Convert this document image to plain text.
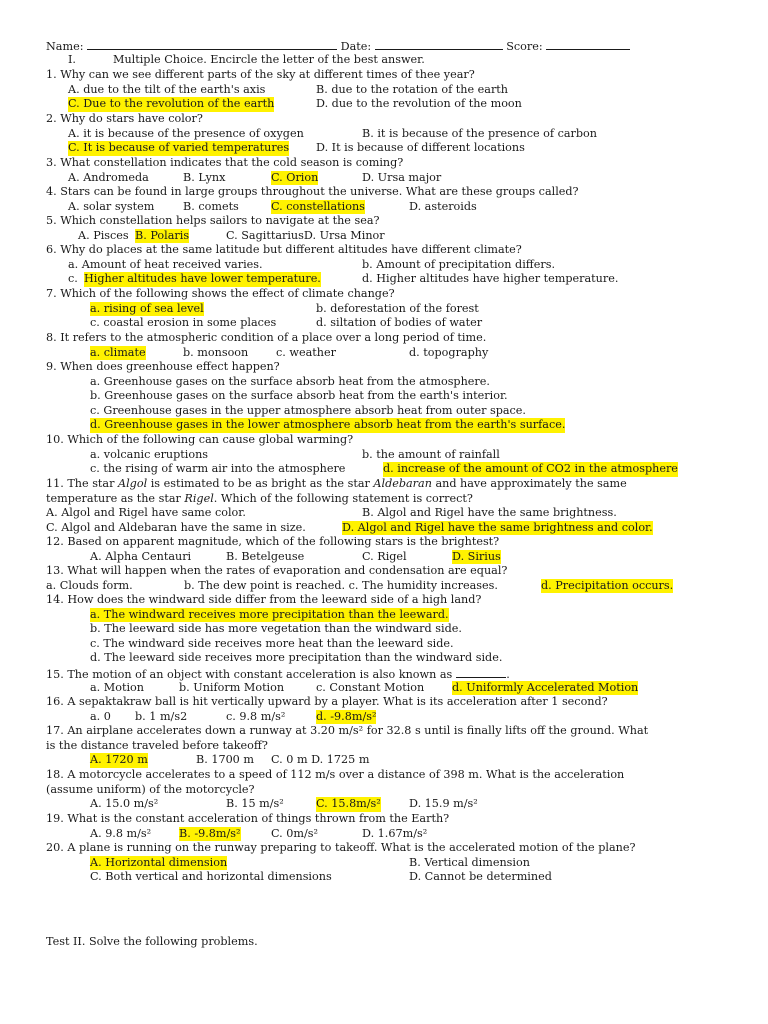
Name:	Date:	Score:
I.	Multiple Choice. Encircle the letter of the best answer.
1. Why can we see different parts of the sky at different times of thee year?
A. due to the tilt of the earth's axis	B. due to the rotation of the earth
C. Due to the revolution of the earth	D. due to the revolution of the moon
2. Why do stars have color?
A. it is because of the presence of oxygen	B. it is because of the presence of carbon
C. It is because of varied temperatures D. It is because of different locations
3. What constellation indicates that the cold season is coming?
A. Andromeda	B. Lynx	C. Orion	D. Ursa major
4. Stars can be found in large groups throughout the universe. What are these groups called?
A. solar system	B. comets	C. constellations	D. asteroids
5. Which constellation helps sailors to navigate at the sea?
A. Pisces B. Polaris	C. SagittariusD. Ursa Minor
6. Why do places at the same latitude but different altitudes have different climate?
a. Amount of heat received varies.	b. Amount of precipitation differs.
c. Higher altitudes have lower temperature.	d. Higher altitudes have higher temperature.
7. Which of the following shows the effect of climate change?
a. rising of sea level	b. deforestation of the forest
c. coastal erosion in some places	d. siltation of bodies of water
8. It refers to the atmospheric condition of a place over a long period of time.
a. climate	b. monsoon c. weather	d. topography
9. When does greenhouse effect happen?
a. Greenhouse gases on the surface absorb heat from the atmosphere.
b. Greenhouse gases on the surface absorb heat from the earth's interior.
c. Greenhouse gases in the upper atmosphere absorb heat from outer space.
d. Greenhouse gases in the lower atmosphere absorb heat from the earth's surface.
10. Which of the following can cause global warming?
a. volcanic eruptions	b. the amount of rainfall
c. the rising of warm air into the atmosphere	d. increase of the amount of CO2 in the atmosphere
11. The star Algol is estimated to be as bright as the star Aldebaran and have approximately the same
temperature as the star Rigel. Which of the following statement is correct?
A. Algol and Rigel have same color.	B. Algol and Rigel have the same brightness.
C. Algol and Aldebaran have the same in size.	D. Algol and Rigel have the same brightness and color.
12. Based on apparent magnitude, which of the following stars is the brightest?
A. Alpha Centauri	B. Betelgeuse	C. Rigel	D. Sirius
13. What will happen when the rates of evaporation and condensation are equal?
a. Clouds form.	b. The dew point is reached. c. The humidity increases.	d. Precipitation occurs.
14. How does the windward side differ from the leeward side of a high land?
a. The windward receives more precipitation than the leeward.
b. The leeward side has more vegetation than the windward side.
c. The windward side receives more heat than the leeward side.
d. The leeward side receives more precipitation than the windward side.
15. The motion of an object with constant acceleration is also known as	.
a. Motion	b. Uniform Motion	c. Constant Motion d. Uniformly Accelerated Motion
16. A sepaktakraw ball is hit vertically upward by a player. What is its acceleration after 1 second?
a. 0 b. 1 m/s2	c. 9.8 m/s²	d. -9.8m/s²
17. An airplane accelerates down a runway at 3.20 m/s² for 32.8 s until is finally lifts off the ground. What
is the distance traveled before takeoff?
A. 1720 m	B. 1700 m C. 0 m D. 1725 m
18. A motorcycle accelerates to a speed of 112 m/s over a distance of 398 m. What is the acceleration
(assume uniform) of the motorcycle?
A. 15.0 m/s²	B. 15 m/s²	C. 15.8m/s²	D. 15.9 m/s²
19. What is the constant acceleration of things thrown from the Earth?
A. 9.8 m/s² B. -9.8m/s²	C. 0m/s²	D. 1.67m/s²
20. A plane is running on the runway preparing to takeoff. What is the accelerated motion of the plane?
A. Horizontal dimension	B. Vertical dimension
C. Both vertical and horizontal dimensions	D. Cannot be determined
Test II. Solve the following problems.
